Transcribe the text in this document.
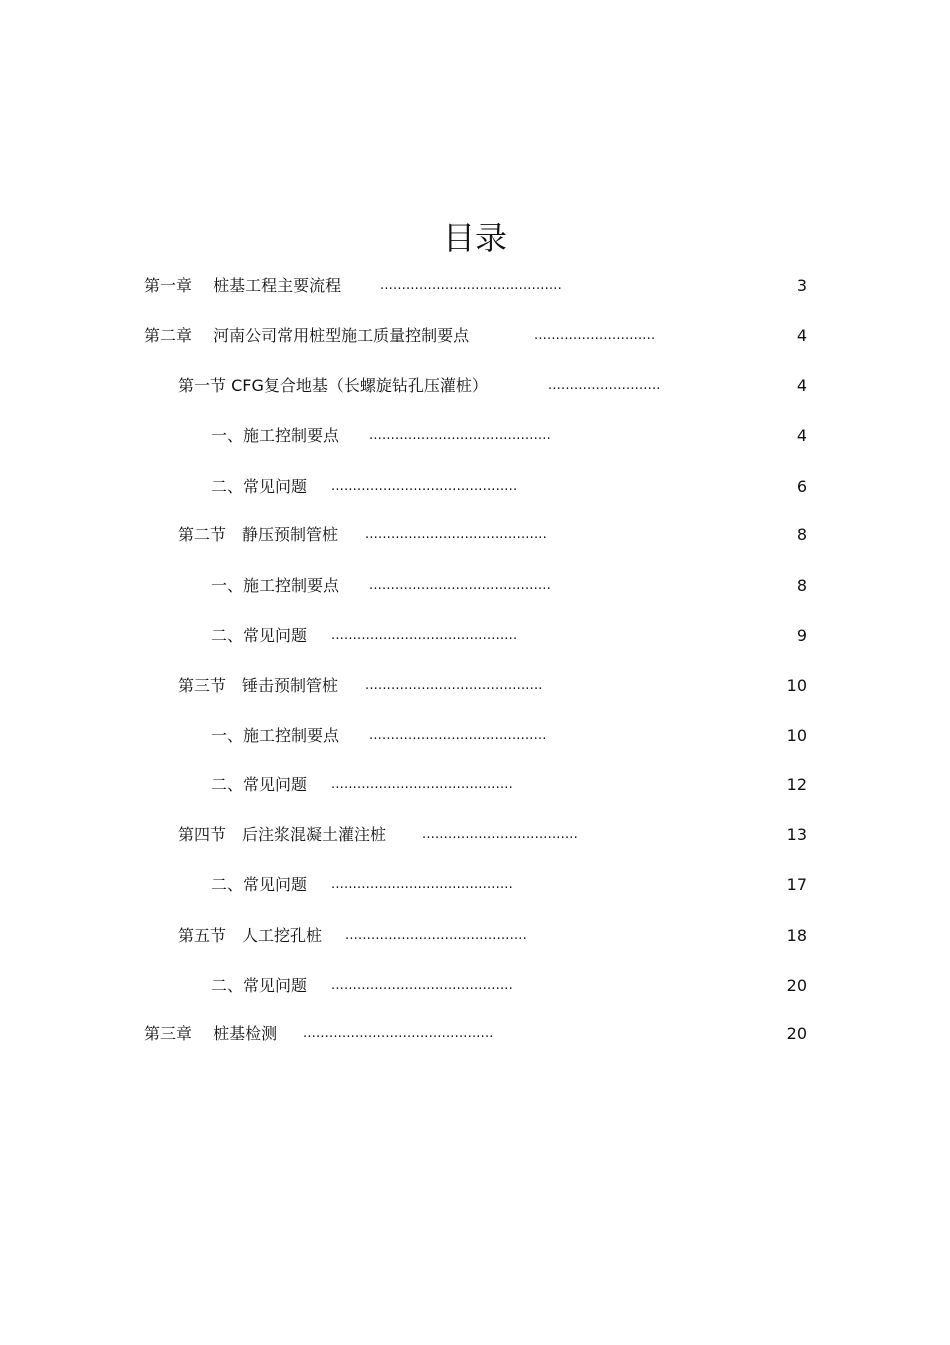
目录
第一章　 桩基工程主要流程	..........................................	3
第二章　 河南公司常用桩型施工质量控制要点	............................	4
第一节 CFG复合地基（长螺旋钻孔压灌桩）	..........................	4
一、施工控制要点 ..........................................	4
二、常见问题 ...........................................	6
第二节　静压预制管桩 ..........................................	8
一、施工控制要点 ..........................................	8
二、常见问题 ...........................................	9
第三节　锤击预制管桩 .........................................	10
一、施工控制要点 .........................................	10
二、常见问题 ..........................................	12
第四节　后注浆混凝土灌注桩	....................................	13
二、常见问题 ..........................................	17
第五节　人工挖孔桩 ..........................................	18
二、常见问题 ..........................................	20
第三章　 桩基检测 ............................................	20
